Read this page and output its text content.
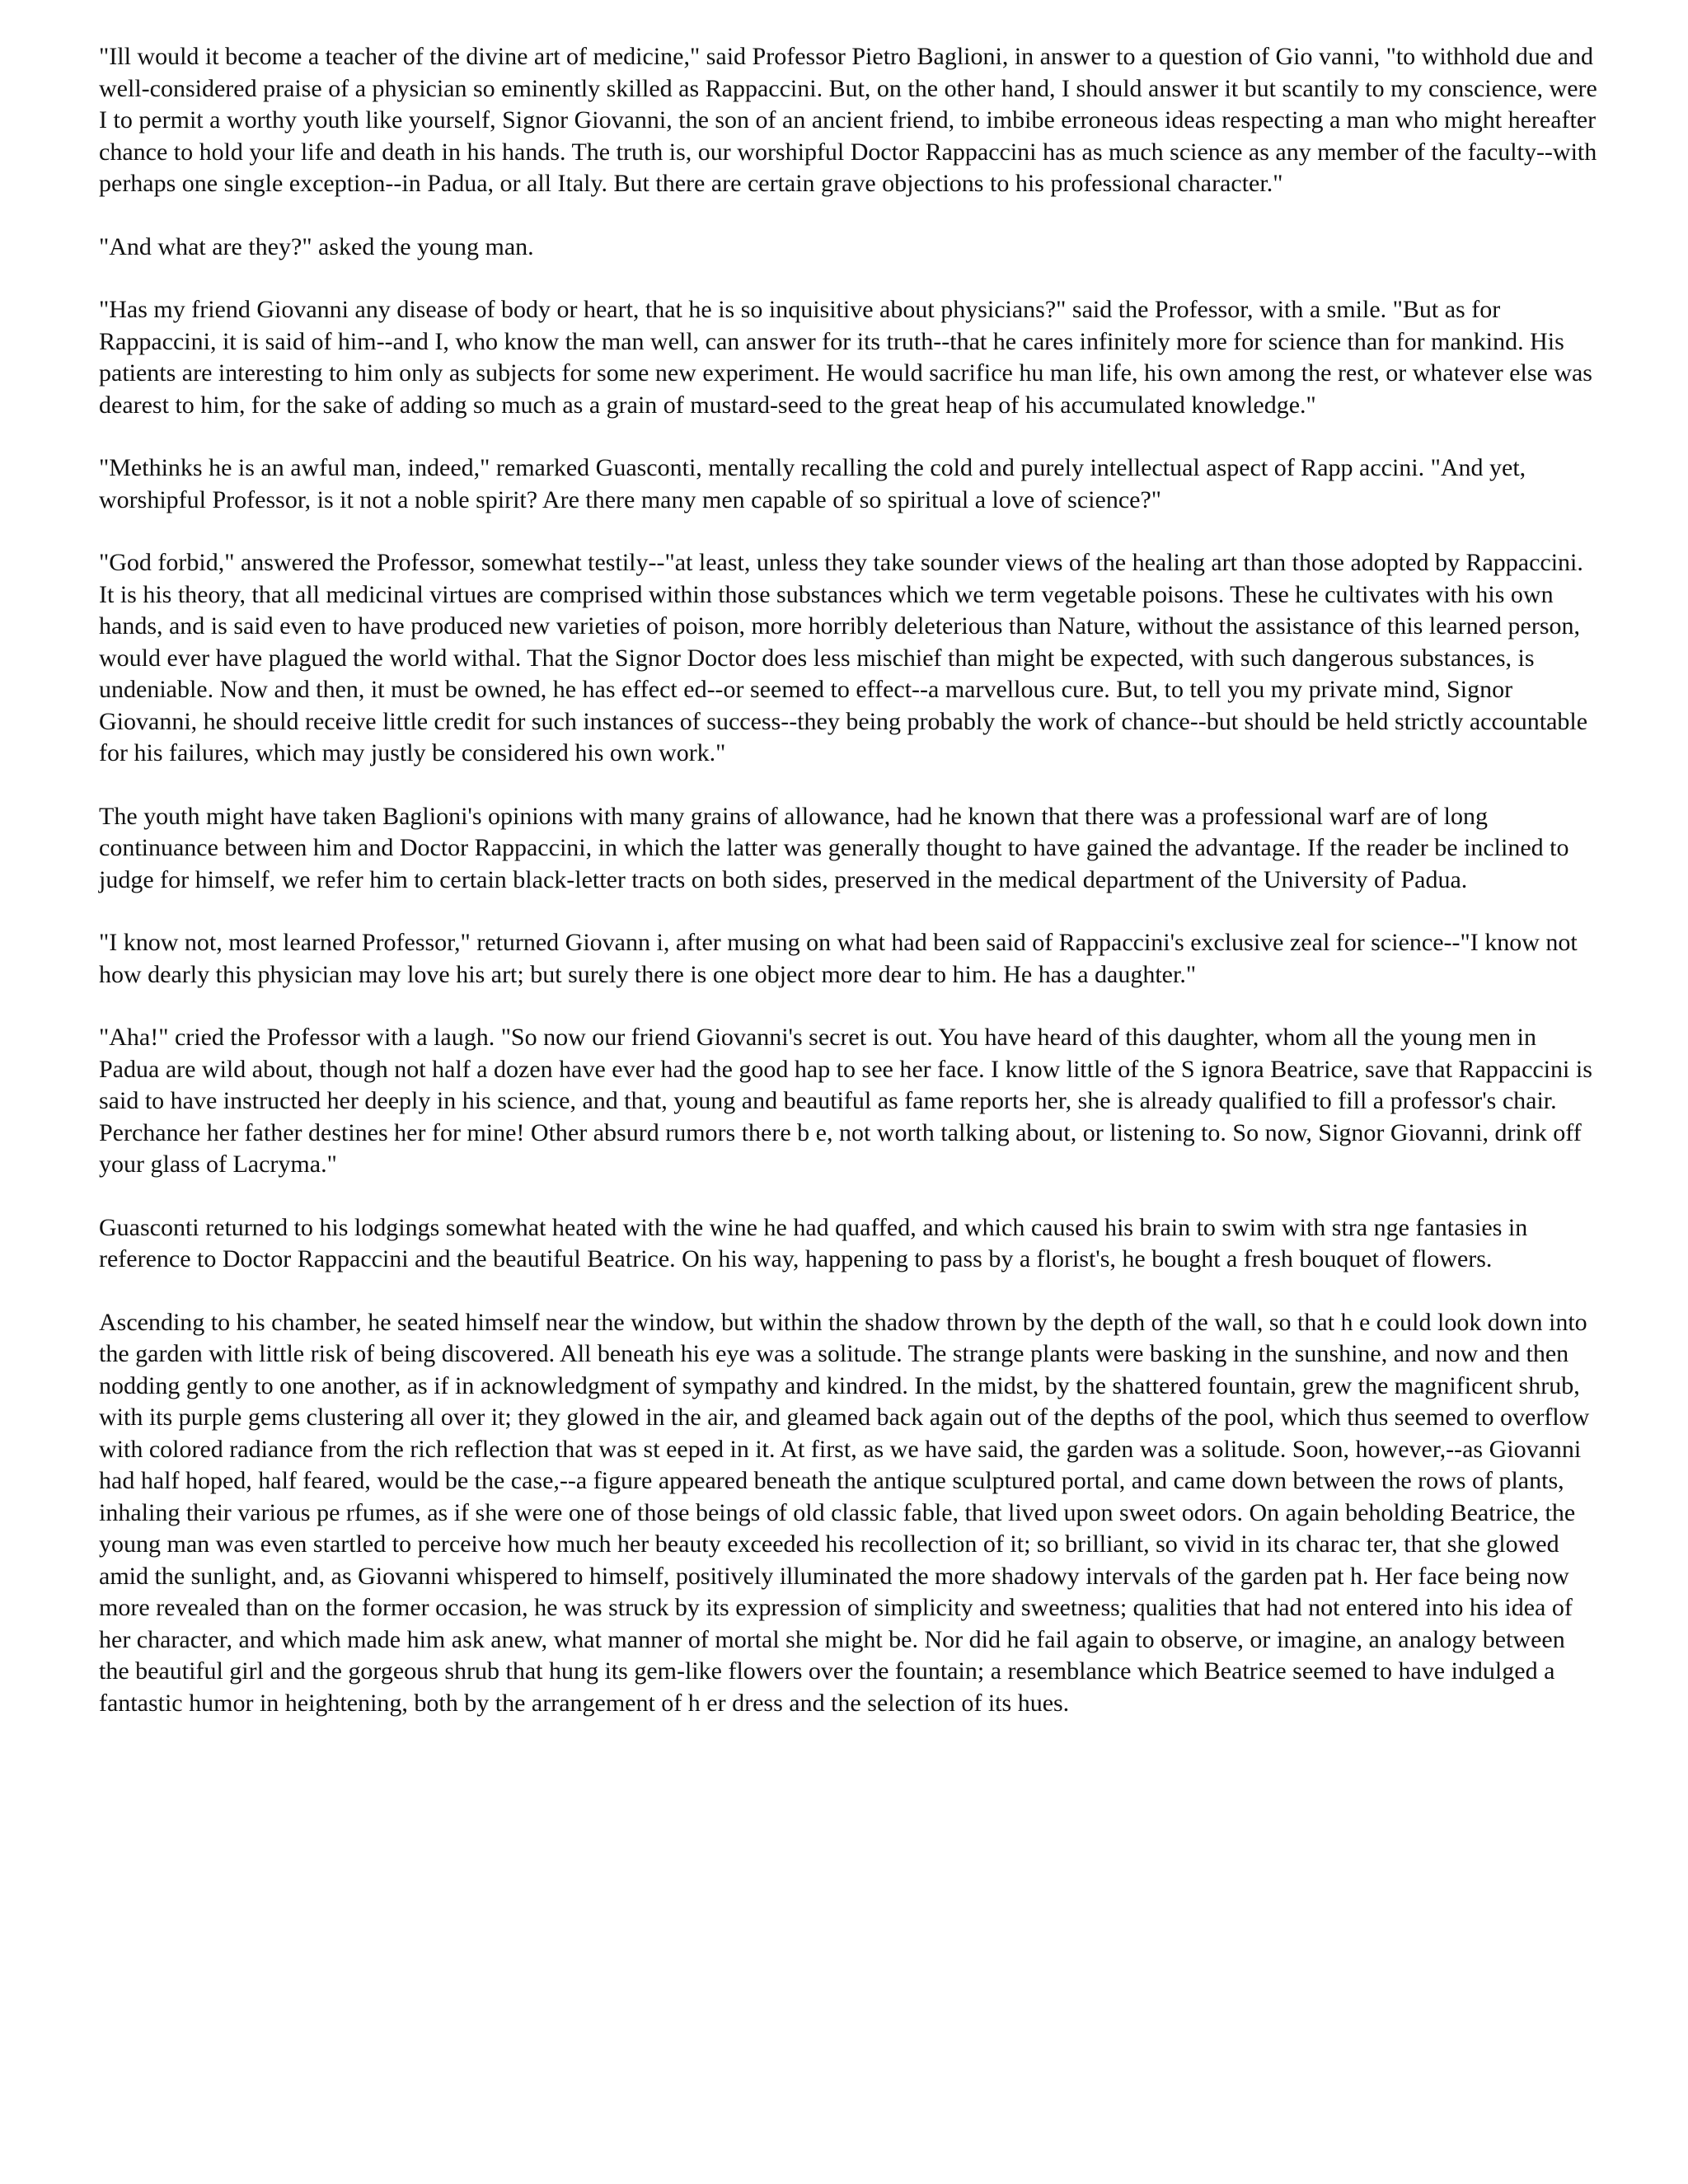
"Ill would it become a teacher of the divine art of medicine," said Professor Pietro Baglioni, in answer to a question of Gio vanni, "to withhold due and well-considered praise of a physician so eminently skilled as Rappaccini. But, on the other hand, I should answer it but scantily to my conscience, were I to permit a worthy youth like yourself, Signor Giovanni, the son of an ancient friend, to imbibe erroneous ideas respecting a man who might hereafter chance to hold your life and death in his hands. The truth is, our worshipful Doctor Rappaccini has as much science as any member of the faculty--with perhaps one single exception--in Padua, or all Italy. But there are certain grave objections to his professional character."

"And what are they?" asked the young man.

"Has my friend Giovanni any disease of body or heart, that he is so inquisitive about physicians?" said the Professor, with a smile. "But as for Rappaccini, it is said of him--and I, who know the man well, can answer for its truth--that he cares infinitely more for science than for mankind. His patients are interesting to him only as subjects for some new experiment. He would sacrifice hu man life, his own among the rest, or whatever else was dearest to him, for the sake of adding so much as a grain of mustard-seed to the great heap of his accumulated knowledge."

"Methinks he is an awful man, indeed," remarked Guasconti, mentally recalling the cold and purely intellectual aspect of Rapp accini. "And yet, worshipful Professor, is it not a noble spirit? Are there many men capable of so spiritual a love of science?"

"God forbid," answered the Professor, somewhat testily--"at least, unless they take sounder views of the healing art than those adopted by Rappaccini. It is his theory, that all medicinal virtues are comprised within those substances which we term vegetable poisons. These he cultivates with his own hands, and is said even to have produced new varieties of poison, more horribly deleterious than Nature, without the assistance of this learned person, would ever have plagued the world withal. That the Signor Doctor does less mischief than might be expected, with such dangerous substances, is undeniable. Now and then, it must be owned, he has effect ed--or seemed to effect--a marvellous cure. But, to tell you my private mind, Signor Giovanni, he should receive little credit for such instances of success--they being probably the work of chance--but should be held strictly accountable for his failures, which may justly be considered his own work."

The youth might have taken Baglioni's opinions with many grains of allowance, had he known that there was a professional warf are of long continuance between him and Doctor Rappaccini, in which the latter was generally thought to have gained the advantage. If the reader be inclined to judge for himself, we refer him to certain black-letter tracts on both sides, preserved in the medical department of the University of Padua.

"I know not, most learned Professor," returned Giovann i, after musing on what had been said of Rappaccini's exclusive zeal for science--"I know not how dearly this physician may love his art; but surely there is one object more dear to him. He has a daughter."

"Aha!" cried the Professor with a laugh. "So now our friend Giovanni's secret is out. You have heard of this daughter, whom all the young men in Padua are wild about, though not half a dozen have ever had the good hap to see her face. I know little of the S ignora Beatrice, save that Rappaccini is said to have instructed her deeply in his science, and that, young and beautiful as fame reports her, she is already qualified to fill a professor's chair. Perchance her father destines her for mine! Other absurd rumors there b e, not worth talking about, or listening to. So now, Signor Giovanni, drink off your glass of Lacryma."

Guasconti returned to his lodgings somewhat heated with the wine he had quaffed, and which caused his brain to swim with stra nge fantasies in reference to Doctor Rappaccini and the beautiful Beatrice. On his way, happening to pass by a florist's, he bought a fresh bouquet of flowers.

Ascending to his chamber, he seated himself near the window, but within the shadow thrown by the depth of the wall, so that h e could look down into the garden with little risk of being discovered. All beneath his eye was a solitude. The strange plants were basking in the sunshine, and now and then nodding gently to one another, as if in acknowledgment of sympathy and kindred. In the midst, by the shattered fountain, grew the magnificent shrub, with its purple gems clustering all over it; they glowed in the air, and gleamed back again out of the depths of the pool, which thus seemed to overflow with colored radiance from the rich reflection that was st eeped in it. At first, as we have said, the garden was a solitude. Soon, however,--as Giovanni had half hoped, half feared, would be the case,--a figure appeared beneath the antique sculptured portal, and came down between the rows of plants, inhaling their various pe rfumes, as if she were one of those beings of old classic fable, that lived upon sweet odors. On again beholding Beatrice, the young man was even startled to perceive how much her beauty exceeded his recollection of it; so brilliant, so vivid in its charac ter, that she glowed amid the sunlight, and, as Giovanni whispered to himself, positively illuminated the more shadowy intervals of the garden pat h. Her face being now more revealed than on the former occasion, he was struck by its expression of simplicity and sweetness; qualities that had not entered into his idea of her character, and which made him ask anew, what manner of mortal she might be. Nor did he fail again to observe, or imagine, an analogy between the beautiful girl and the gorgeous shrub that hung its gem-like flowers over the fountain; a resemblance which Beatrice seemed to have indulged a fantastic humor in heightening, both by the arrangement of h er dress and the selection of its hues.
